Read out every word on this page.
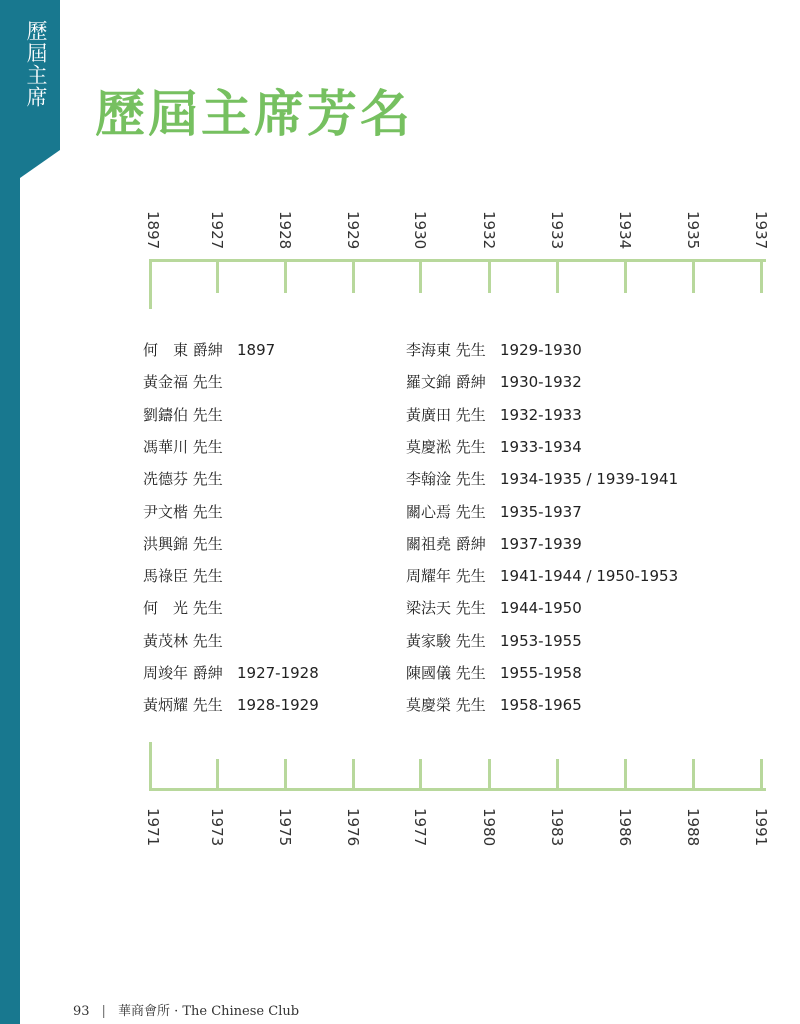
歷屆主席
歷屆主席芳名
1897	1927	1928	1929	1930	1932	1933	1934	1935	1937
1971	1973	1975	1976	1977	1980	1983	1986	1988	1991
何　東 爵紳 1897
黃金福 先生
劉鑄伯 先生
馮華川 先生
冼德芬 先生
尹文楷 先生
洪興錦 先生
馬祿臣 先生
何　光 先生
黃茂林 先生
周竣年 爵紳 1927-1928
黃炳耀 先生 1928-1929
李海東 先生 1929-1930
羅文錦 爵紳 1930-1932
黃廣田 先生 1932-1933
莫慶淞 先生 1933-1934
李翰淦 先生 1934-1935 / 1939-1941
關心焉 先生 1935-1937
關祖堯 爵紳 1937-1939
周耀年 先生 1941-1944 / 1950-1953
梁法天 先生 1944-1950
黃家駿 先生 1953-1955
陳國儀 先生 1955-1958
莫慶榮 先生 1958-1965
93 | 華商會所 · The Chinese Club
